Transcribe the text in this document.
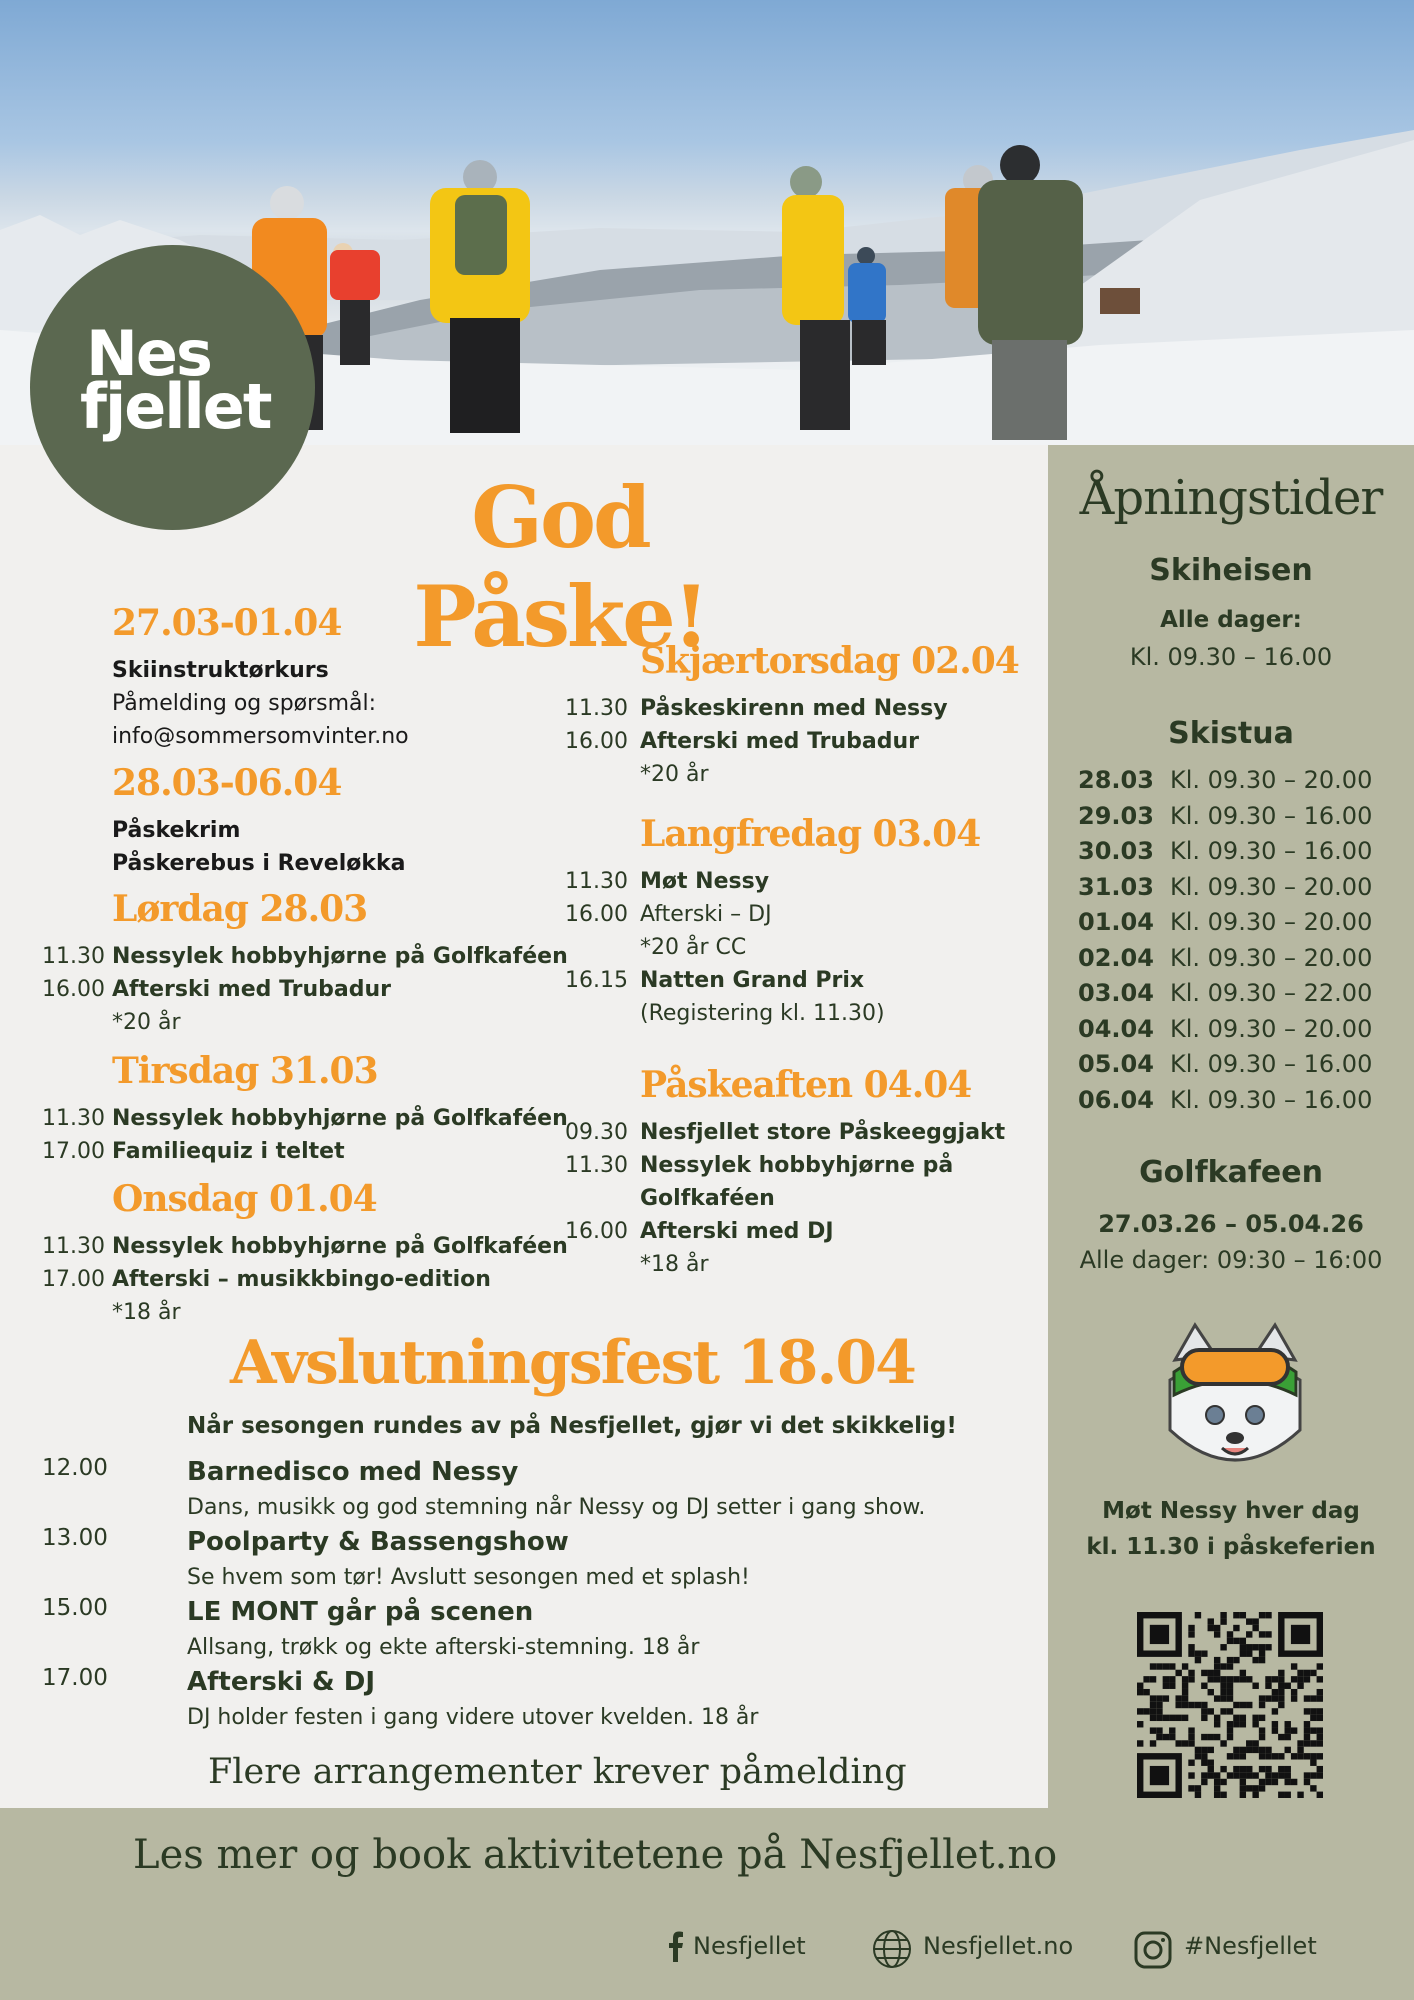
Nes
fjellet
God Påske!
27.03-01.04
Skiinstruktørkurs
Påmelding og spørsmål:
info@sommersomvinter.no
28.03-06.04
Påskekrim
Påskerebus i Reveløkka
Lørdag 28.03
11.30 Nessylek hobbyhjørne på Golfkaféen
16.00 Afterski med Trubadur
*20 år
Tirsdag 31.03
11.30 Nessylek hobbyhjørne på Golfkaféen
17.00 Familiequiz i teltet
Onsdag 01.04
11.30 Nessylek hobbyhjørne på Golfkaféen
17.00 Afterski – musikkbingo-edition
*18 år
Skjærtorsdag 02.04
11.30 Påskeskirenn med Nessy
16.00 Afterski med Trubadur
*20 år
Langfredag 03.04
11.30 Møt Nessy
16.00 Afterski – DJ
*20 år CC
16.15 Natten Grand Prix
(Registering kl. 11.30)
Påskeaften 04.04
09.30 Nesfjellet store Påskeeggjakt
11.30 Nessylek hobbyhjørne på
Golfkaféen
16.00 Afterski med DJ
*18 år
Avslutningsfest 18.04
Når sesongen rundes av på Nesfjellet, gjør vi det skikkelig!
12.00	Barnedisco med Nessy
Dans, musikk og god stemning når Nessy og DJ setter i gang show.
13.00	Poolparty & Bassengshow
Se hvem som tør! Avslutt sesongen med et splash!
15.00	LE MONT går på scenen
Allsang, trøkk og ekte afterski-stemning. 18 år
17.00	Afterski & DJ
DJ holder festen i gang videre utover kvelden. 18 år
Flere arrangementer krever påmelding
Åpningstider
Skiheisen
Alle dager:
Kl. 09.30 – 16.00
Skistua
28.03 Kl. 09.30 – 20.00
29.03 Kl. 09.30 – 16.00
30.03 Kl. 09.30 – 16.00
31.03 Kl. 09.30 – 20.00
01.04 Kl. 09.30 – 20.00
02.04 Kl. 09.30 – 20.00
03.04 Kl. 09.30 – 22.00
04.04 Kl. 09.30 – 20.00
05.04 Kl. 09.30 – 16.00
06.04 Kl. 09.30 – 16.00
Golfkafeen
27.03.26 – 05.04.26
Alle dager: 09:30 – 16:00
Møt Nessy hver dag
kl. 11.30 i påskeferien
Les mer og book aktivitetene på Nesfjellet.no
Nesfjellet	Nesfjellet.no	#Nesfjellet
